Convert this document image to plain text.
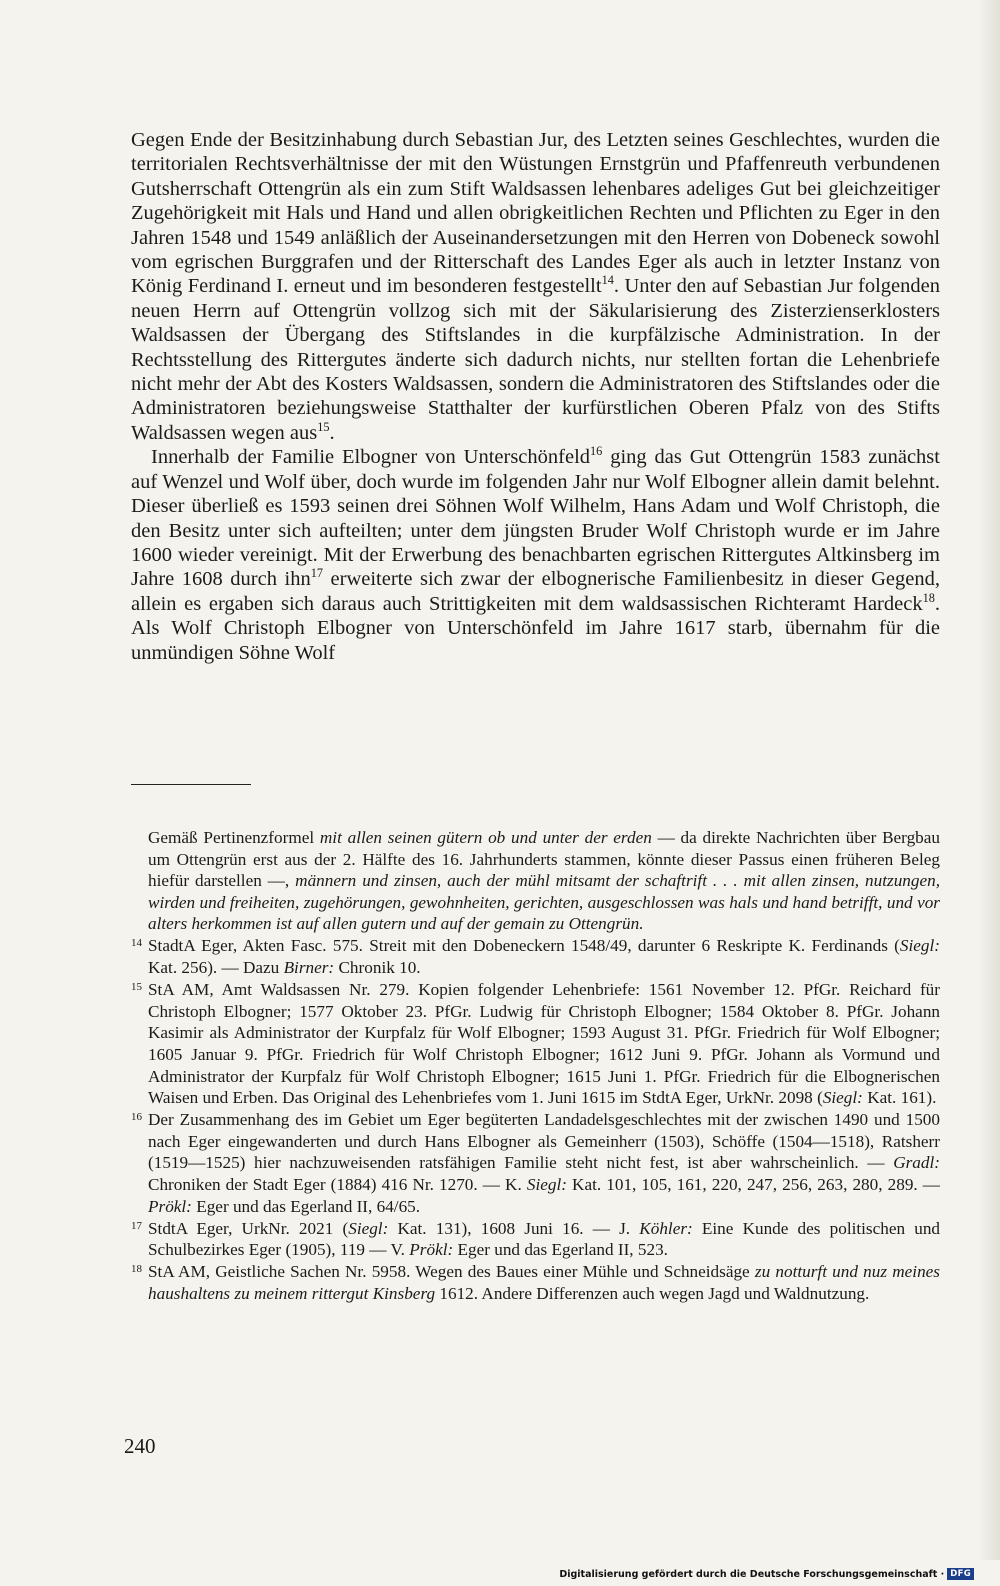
Gegen Ende der Besitzinhabung durch Sebastian Jur, des Letzten seines Geschlechtes, wurden die territorialen Rechtsverhältnisse der mit den Wüstungen Ernstgrün und Pfaffenreuth verbundenen Gutsherrschaft Ottengrün als ein zum Stift Waldsassen lehenbares adeliges Gut bei gleichzeitiger Zugehörigkeit mit Hals und Hand und allen obrigkeitlichen Rechten und Pflichten zu Eger in den Jahren 1548 und 1549 anläßlich der Auseinandersetzungen mit den Herren von Dobeneck sowohl vom egrischen Burggrafen und der Ritterschaft des Landes Eger als auch in letzter Instanz von König Ferdinand I. erneut und im besonderen festgestellt$^{14}$. Unter den auf Sebastian Jur folgenden neuen Herrn auf Ottengrün vollzog sich mit der Säkularisierung des Zisterzienserklosters Waldsassen der Übergang des Stiftslandes in die kurpfälzische Administration. In der Rechtsstellung des Rittergutes änderte sich dadurch nichts, nur stellten fortan die Lehenbriefe nicht mehr der Abt des Kosters Waldsassen, sondern die Administratoren des Stiftslandes oder die Administratoren beziehungsweise Statthalter der kurfürstlichen Oberen Pfalz von des Stifts Waldsassen wegen aus$^{15}$.

Innerhalb der Familie Elbogner von Unterschönfeld$^{16}$ ging das Gut Ottengrün 1583 zunächst auf Wenzel und Wolf über, doch wurde im folgenden Jahr nur Wolf Elbogner allein damit belehnt. Dieser überließ es 1593 seinen drei Söhnen Wolf Wilhelm, Hans Adam und Wolf Christoph, die den Besitz unter sich aufteilten; unter dem jüngsten Bruder Wolf Christoph wurde er im Jahre 1600 wieder vereinigt. Mit der Erwerbung des benachbarten egrischen Rittergutes Altkinsberg im Jahre 1608 durch ihn$^{17}$ erweiterte sich zwar der elbognerische Familienbesitz in dieser Gegend, allein es ergaben sich daraus auch Strittigkeiten mit dem waldsassischen Richteramt Hardeck$^{18}$. Als Wolf Christoph Elbogner von Unterschönfeld im Jahre 1617 starb, übernahm für die unmündigen Söhne Wolf

Gemäß Pertinenzformel mit allen seinen gütern ob und unter der erden — da direkte Nachrichten über Bergbau um Ottengrün erst aus der 2. Hälfte des 16. Jahrhunderts stammen, könnte dieser Passus einen früheren Beleg hiefür darstellen —, männern und zinsen, auch der mühl mitsamt der schaftrift . . . mit allen zinsen, nutzungen, wirden und freiheiten, zugehörungen, gewohnheiten, gerichten, ausgeschlossen was hals und hand betrifft, und vor alters herkommen ist auf allen gutern und auf der gemain zu Ottengrün.

14 StadtA Eger, Akten Fasc. 575. Streit mit den Dobeneckern 1548/49, darunter 6 Reskripte K. Ferdinands (Siegl: Kat. 256). — Dazu Birner: Chronik 10.

15 StA AM, Amt Waldsassen Nr. 279. Kopien folgender Lehenbriefe: 1561 November 12. PfGr. Reichard für Christoph Elbogner; 1577 Oktober 23. PfGr. Ludwig für Christoph Elbogner; 1584 Oktober 8. PfGr. Johann Kasimir als Administrator der Kurpfalz für Wolf Elbogner; 1593 August 31. PfGr. Friedrich für Wolf Elbogner; 1605 Januar 9. PfGr. Friedrich für Wolf Christoph Elbogner; 1612 Juni 9. PfGr. Johann als Vormund und Administrator der Kurpfalz für Wolf Christoph Elbogner; 1615 Juni 1. PfGr. Friedrich für die Elbognerischen Waisen und Erben. Das Original des Lehenbriefes vom 1. Juni 1615 im StdtA Eger, UrkNr. 2098 (Siegl: Kat. 161).

16 Der Zusammenhang des im Gebiet um Eger begüterten Landadelsgeschlechtes mit der zwischen 1490 und 1500 nach Eger eingewanderten und durch Hans Elbogner als Gemeinherr (1503), Schöffe (1504—1518), Ratsherr (1519—1525) hier nachzuweisenden ratsfähigen Familie steht nicht fest, ist aber wahrscheinlich. — Gradl: Chroniken der Stadt Eger (1884) 416 Nr. 1270. — K. Siegl: Kat. 101, 105, 161, 220, 247, 256, 263, 280, 289. — Prökl: Eger und das Egerland II, 64/65.

17 StdtA Eger, UrkNr. 2021 (Siegl: Kat. 131), 1608 Juni 16. — J. Köhler: Eine Kunde des politischen und Schulbezirkes Eger (1905), 119 — V. Prökl: Eger und das Egerland II, 523.

18 StA AM, Geistliche Sachen Nr. 5958. Wegen des Baues einer Mühle und Schneidsäge zu notturft und nuz meines haushaltens zu meinem rittergut Kinsberg 1612. Andere Differenzen auch wegen Jagd und Waldnutzung.

240
Digitalisierung gefördert durch die Deutsche Forschungsgemeinschaft · DFG
